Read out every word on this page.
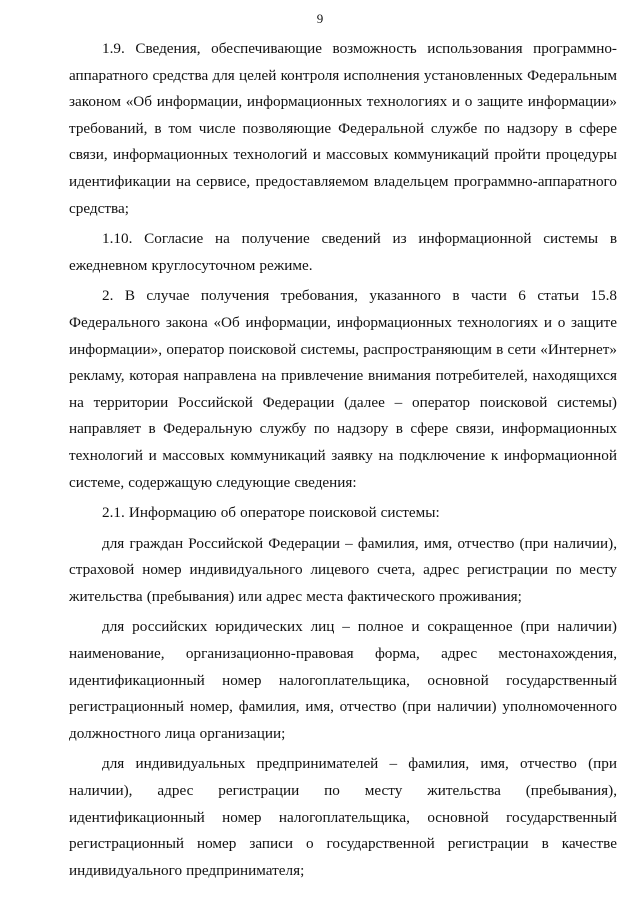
9

1.9. Сведения, обеспечивающие возможность использования программно-аппаратного средства для целей контроля исполнения установленных Федеральным законом «Об информации, информационных технологиях и о защите информации» требований, в том числе позволяющие Федеральной службе по надзору в сфере связи, информационных технологий и массовых коммуникаций пройти процедуры идентификации на сервисе, предоставляемом владельцем программно-аппаратного средства;

1.10. Согласие на получение сведений из информационной системы в ежедневном круглосуточном режиме.

2. В случае получения требования, указанного в части 6 статьи 15.8 Федерального закона «Об информации, информационных технологиях и о защите информации», оператор поисковой системы, распространяющим в сети «Интернет» рекламу, которая направлена на привлечение внимания потребителей, находящихся на территории Российской Федерации (далее – оператор поисковой системы) направляет в Федеральную службу по надзору в сфере связи, информационных технологий и массовых коммуникаций заявку на подключение к информационной системе, содержащую следующие сведения:

2.1. Информацию об операторе поисковой системы:

для граждан Российской Федерации – фамилия, имя, отчество (при наличии), страховой номер индивидуального лицевого счета, адрес регистрации по месту жительства (пребывания) или адрес места фактического проживания;

для российских юридических лиц – полное и сокращенное (при наличии) наименование, организационно-правовая форма, адрес местонахождения, идентификационный номер налогоплательщика, основной государственный регистрационный номер, фамилия, имя, отчество (при наличии) уполномоченного должностного лица организации;

для индивидуальных предпринимателей – фамилия, имя, отчество (при наличии), адрес регистрации по месту жительства (пребывания), идентификационный номер налогоплательщика, основной государственный регистрационный номер записи о государственной регистрации в качестве индивидуального предпринимателя;
